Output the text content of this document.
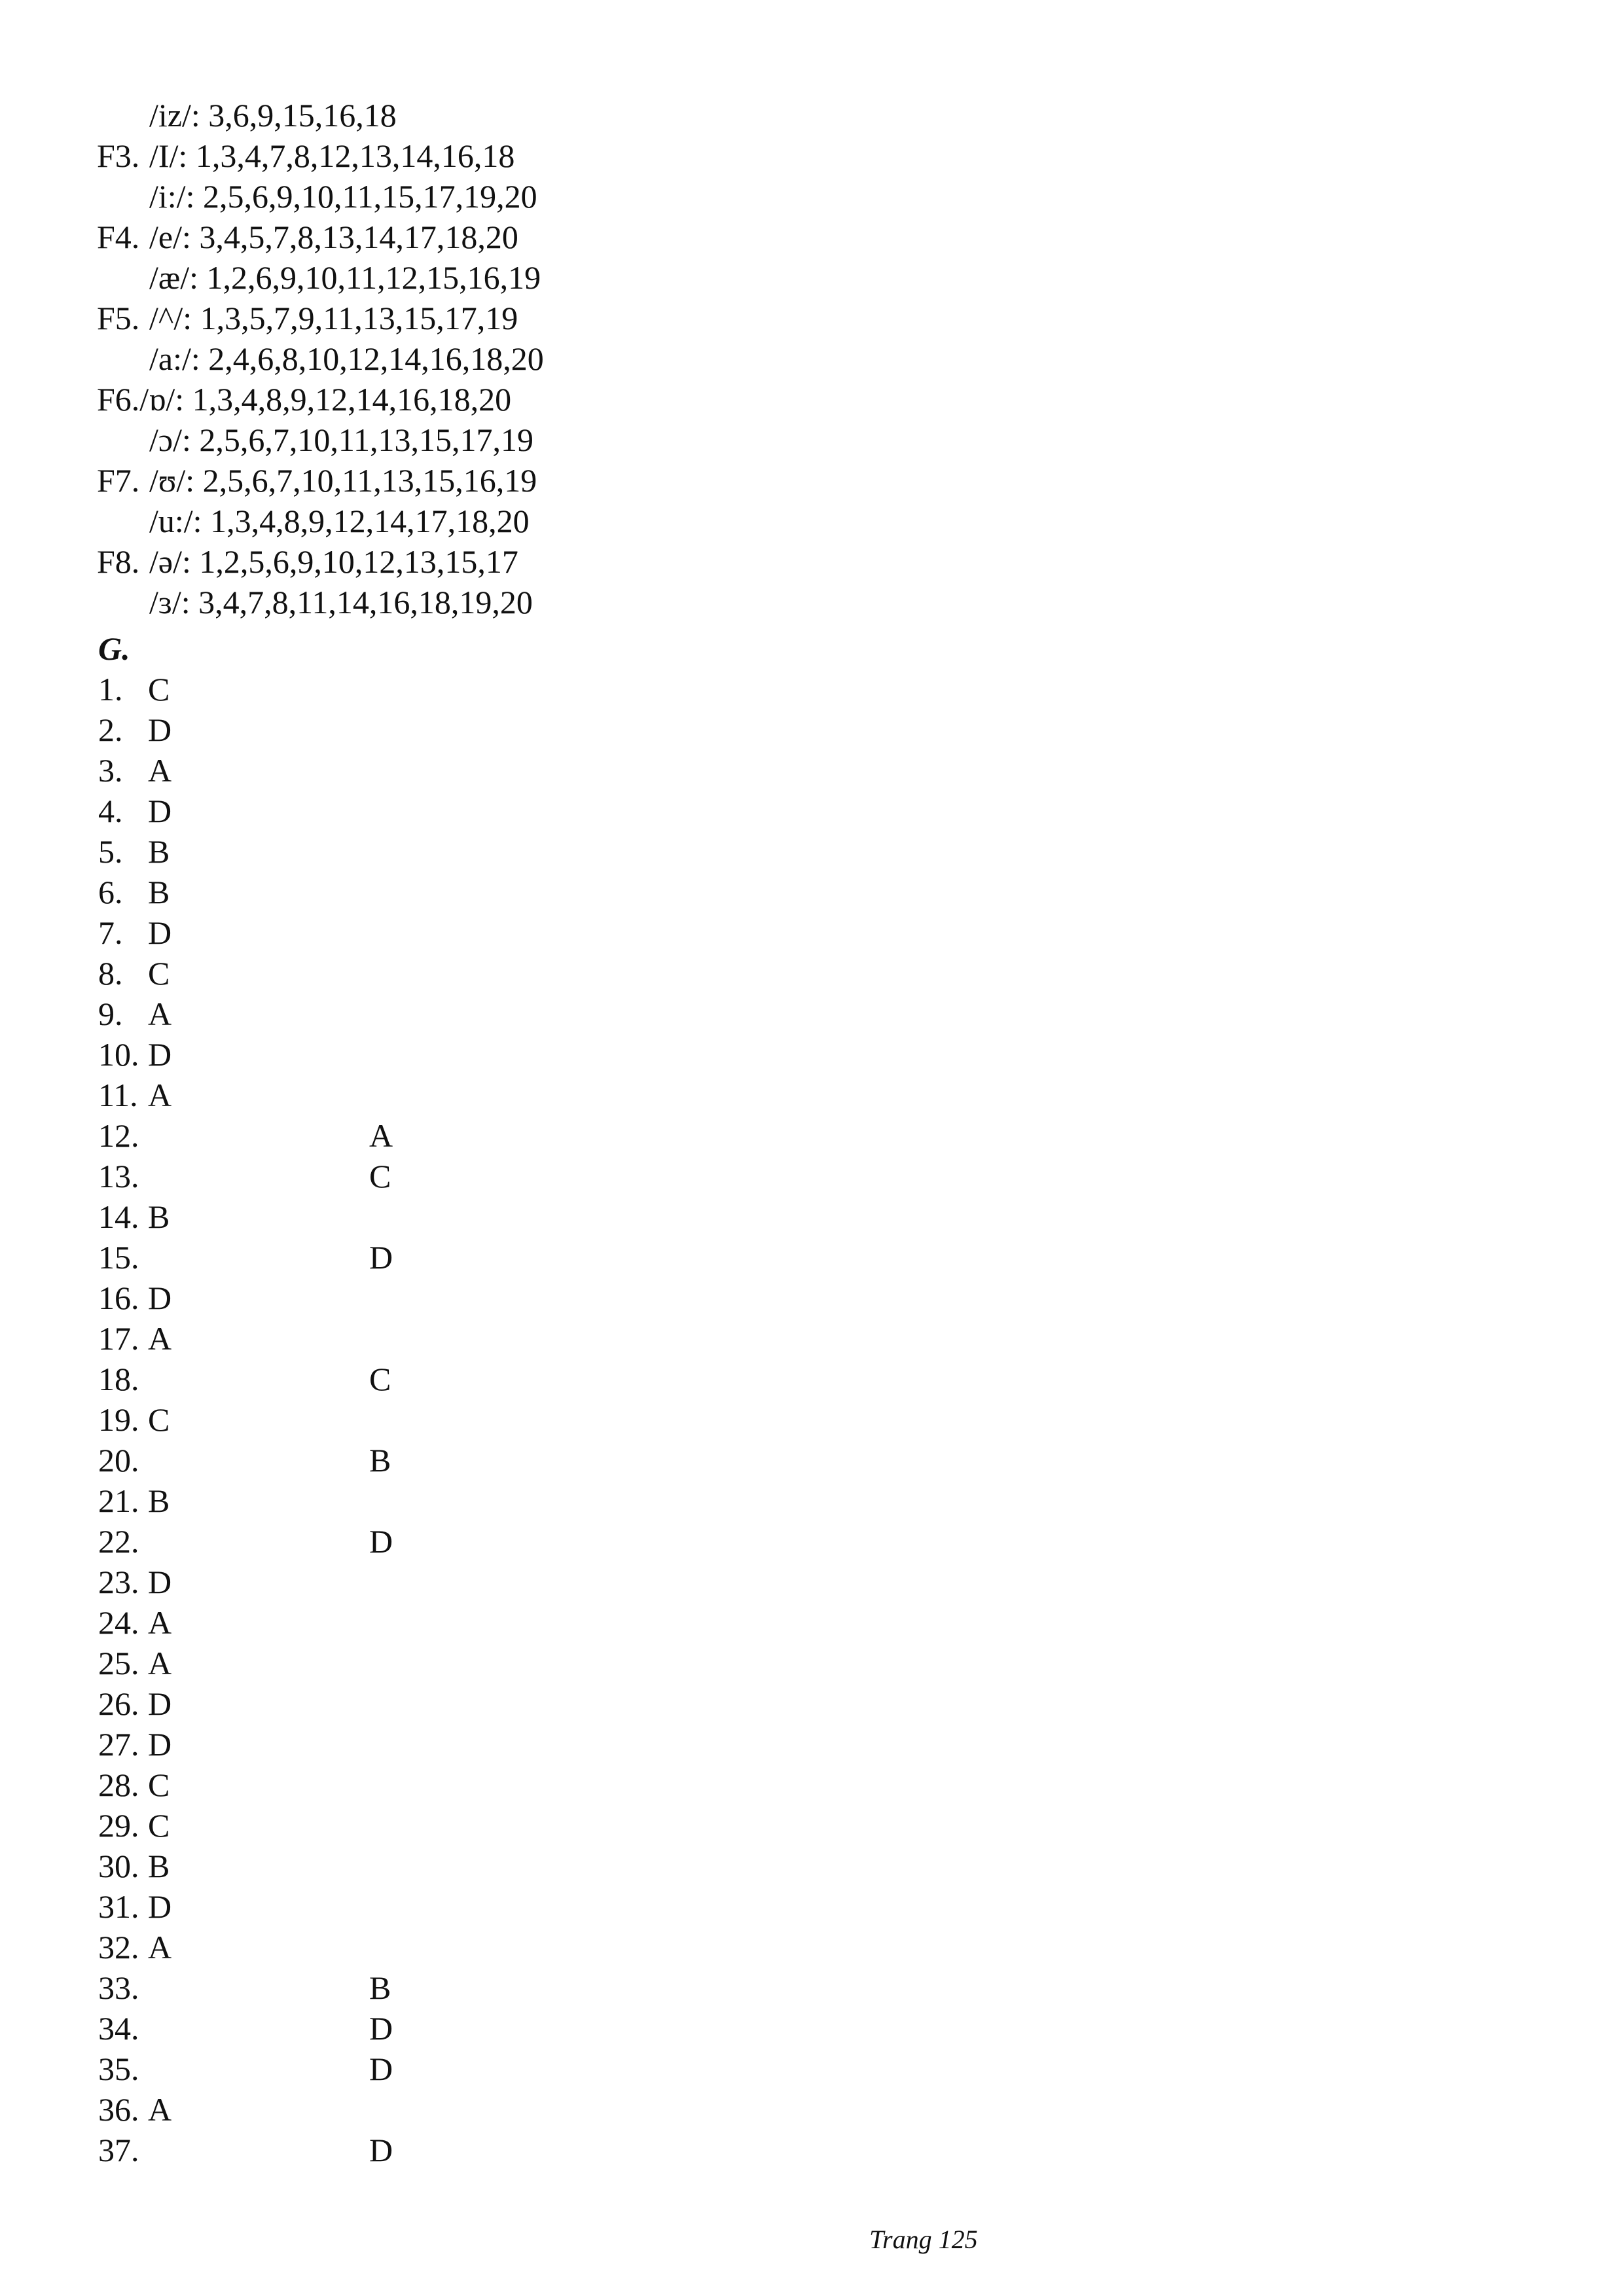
/iz/: 3,6,9,15,16,18
F3. /I/: 1,3,4,7,8,12,13,14,16,18
/i:/: 2,5,6,9,10,11,15,17,19,20
F4. /e/: 3,4,5,7,8,13,14,17,18,20
/æ/: 1,2,6,9,10,11,12,15,16,19
F5. /^/: 1,3,5,7,9,11,13,15,17,19
/a:/: 2,4,6,8,10,12,14,16,18,20
F6./ɒ/: 1,3,4,8,9,12,14,16,18,20
/ɔ/: 2,5,6,7,10,11,13,15,17,19
F7. /ʊ/: 2,5,6,7,10,11,13,15,16,19
/u:/: 1,3,4,8,9,12,14,17,18,20
F8. /ə/: 1,2,5,6,9,10,12,13,15,17
/ɜ/: 3,4,7,8,11,14,16,18,19,20
G.
1. C
2. D
3. A
4. D
5. B
6. B
7. D
8. C
9. A
10. D
11. A
12.	A
13.	C
14. B
15.	D
16. D
17. A
18.	C
19. C
20.	B
21. B
22.	D
23. D
24. A
25. A
26. D
27. D
28. C
29. C
30. B
31. D
32. A
33.	B
34.	D
35.	D
36. A
37.	D
Trang 125
